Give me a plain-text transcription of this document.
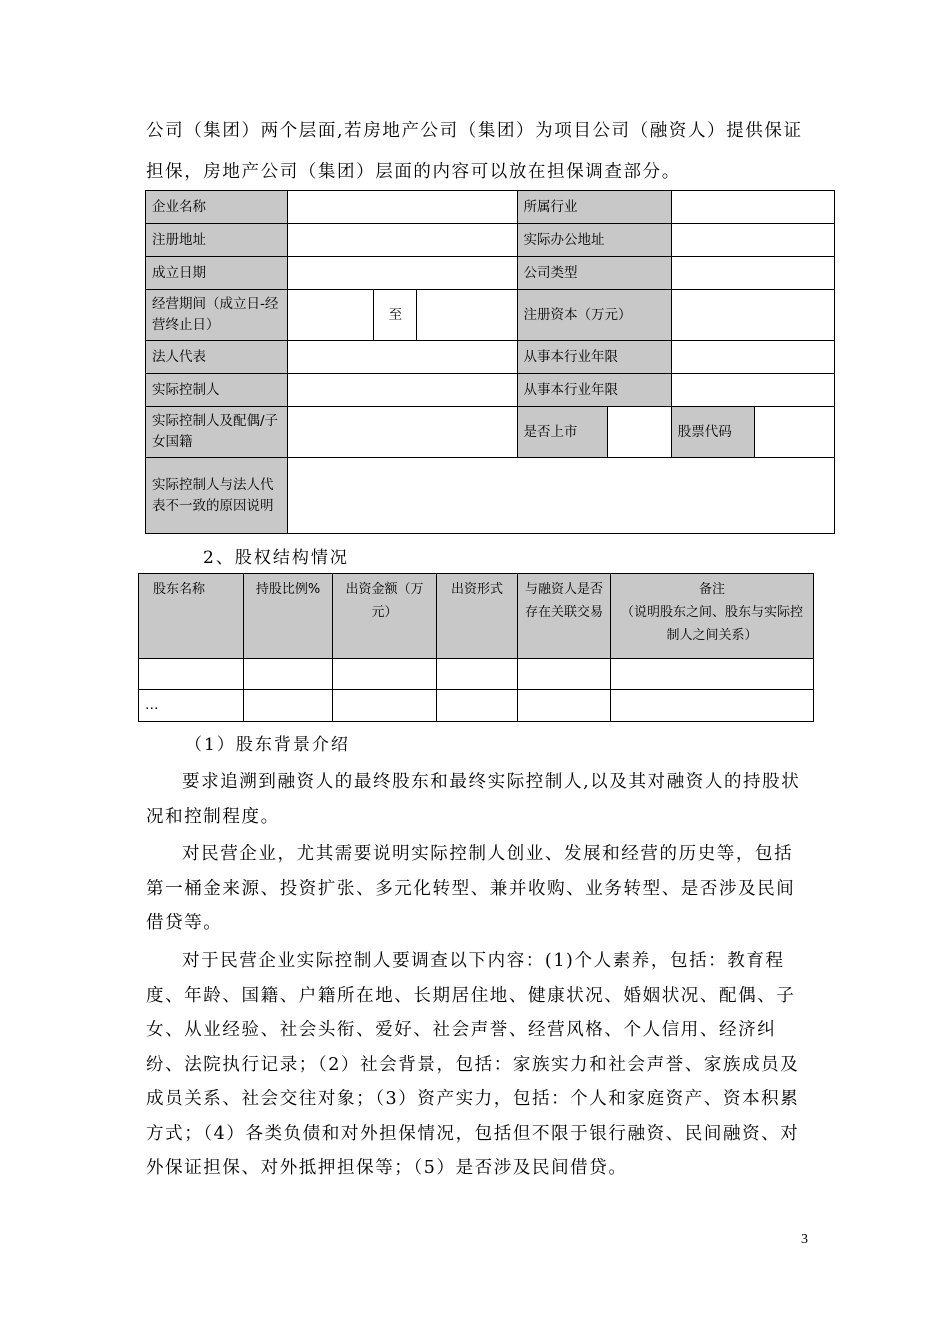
公司（集团）两个层面,若房地产公司（集团）为项目公司（融资人）提供保证

担保，房地产公司（集团）层面的内容可以放在担保调查部分。

企业名称				所属行业			
注册地址				实际办公地址			
成立日期				公司类型			
经营期间（成立日-经营终止日）		至		注册资本（万元）			
法人代表				从事本行业年限			
实际控制人				从事本行业年限			
实际控制人及配偶/子女国籍				是否上市		股票代码	
实际控制人与法人代表不一致的原因说明							
2、股权结构情况
股东名称	持股比例%	出资金额（万元）	出资形式	与融资人是否存在关联交易	备注
（说明股东之间、股东与实际控制人之间关系）

…					
（1）股东背景介绍

要求追溯到融资人的最终股东和最终实际控制人,以及其对融资人的持股状况和控制程度。

对民营企业，尤其需要说明实际控制人创业、发展和经营的历史等，包括第一桶金来源、投资扩张、多元化转型、兼并收购、业务转型、是否涉及民间借贷等。

对于民营企业实际控制人要调查以下内容：(1)个人素养，包括：教育程度、年龄、国籍、户籍所在地、长期居住地、健康状况、婚姻状况、配偶、子女、从业经验、社会头衔、爱好、社会声誉、经营风格、个人信用、经济纠纷、法院执行记录；（2）社会背景，包括：家族实力和社会声誉、家族成员及成员关系、社会交往对象；（3）资产实力，包括：个人和家庭资产、资本积累方式；（4）各类负债和对外担保情况，包括但不限于银行融资、民间融资、对外保证担保、对外抵押担保等；（5）是否涉及民间借贷。

3
